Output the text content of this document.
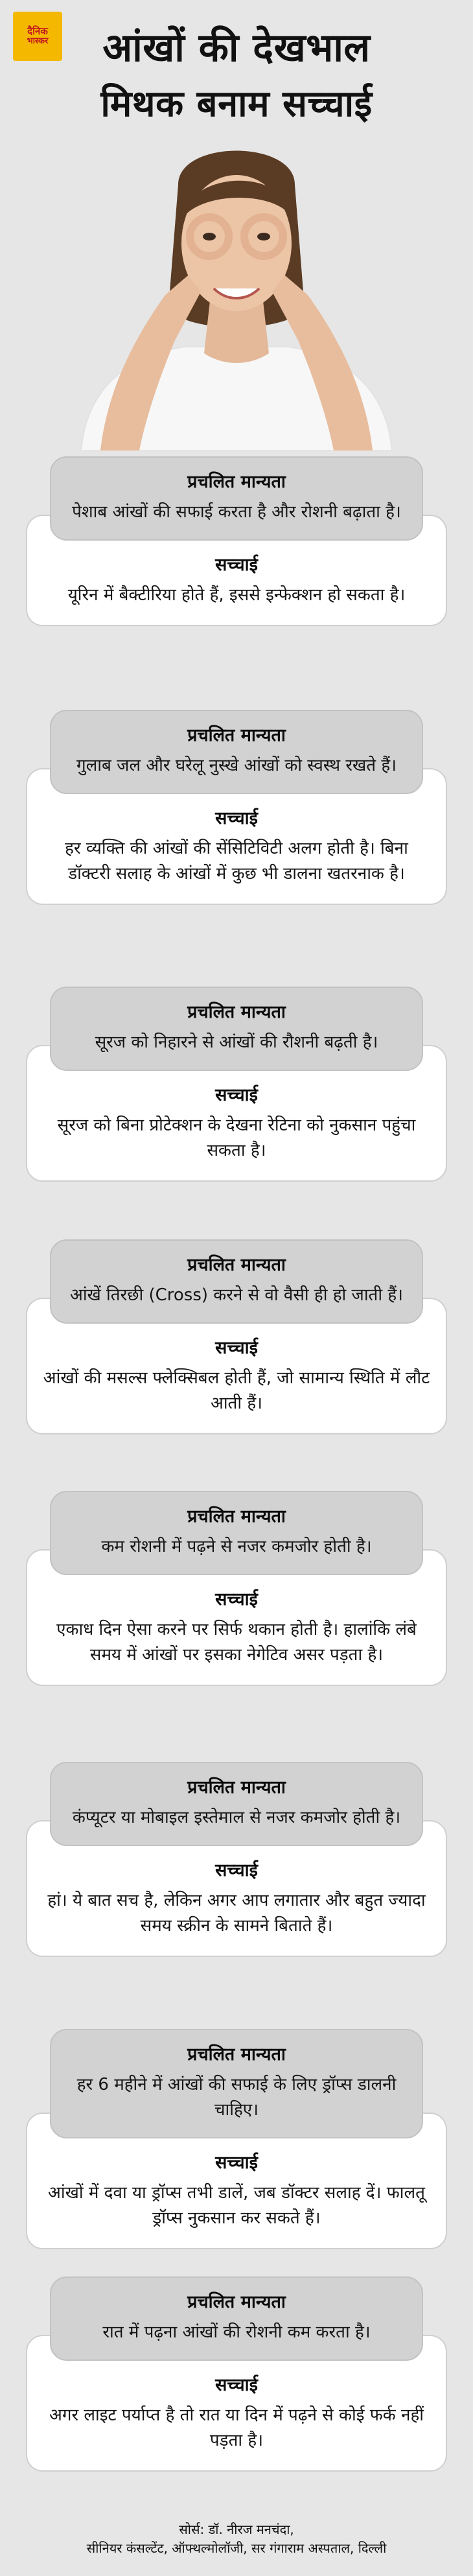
दैनिक
भास्कर	आंखों की देखभाल
मिथक बनाम सच्चाई
प्रचलित मान्यता
पेशाब आंखों की सफाई करता है और रोशनी बढ़ाता है।
सच्चाई
यूरिन में बैक्टीरिया होते हैं, इससे इन्फेक्शन हो सकता है।
प्रचलित मान्यता
गुलाब जल और घरेलू नुस्खे आंखों को स्वस्थ रखते हैं।
सच्चाई
हर व्यक्ति की आंखों की सेंसिटिविटी अलग होती है। बिना डॉक्टरी सलाह के आंखों में कुछ भी डालना खतरनाक है।
प्रचलित मान्यता
सूरज को निहारने से आंखों की रौशनी बढ़ती है।
सच्चाई
सूरज को बिना प्रोटेक्शन के देखना रेटिना को नुकसान पहुंचा सकता है।
प्रचलित मान्यता
आंखें तिरछी (Cross) करने से वो वैसी ही हो जाती हैं।
सच्चाई
आंखों की मसल्स फ्लेक्सिबल होती हैं, जो सामान्य स्थिति में लौट आती हैं।
प्रचलित मान्यता
कम रोशनी में पढ़ने से नजर कमजोर होती है।
सच्चाई
एकाध दिन ऐसा करने पर सिर्फ थकान होती है। हालांकि लंबे समय में आंखों पर इसका नेगेटिव असर पड़ता है।
प्रचलित मान्यता
कंप्यूटर या मोबाइल इस्तेमाल से नजर कमजोर होती है।
सच्चाई
हां। ये बात सच है, लेकिन अगर आप लगातार और बहुत ज्यादा समय स्क्रीन के सामने बिताते हैं।
प्रचलित मान्यता
हर 6 महीने में आंखों की सफाई के लिए ड्रॉप्स डालनी चाहिए।
सच्चाई
आंखों में दवा या ड्रॉप्स तभी डालें, जब डॉक्टर सलाह दें। फालतू ड्रॉप्स नुकसान कर सकते हैं।
प्रचलित मान्यता
रात में पढ़ना आंखों की रोशनी कम करता है।
सच्चाई
अगर लाइट पर्याप्त है तो रात या दिन में पढ़ने से कोई फर्क नहीं पड़ता है।
सोर्स: डॉ. नीरज मनचंदा,
सीनियर कंसल्टेंट, ऑफ्थल्मोलॉजी, सर गंगाराम अस्पताल, दिल्ली
